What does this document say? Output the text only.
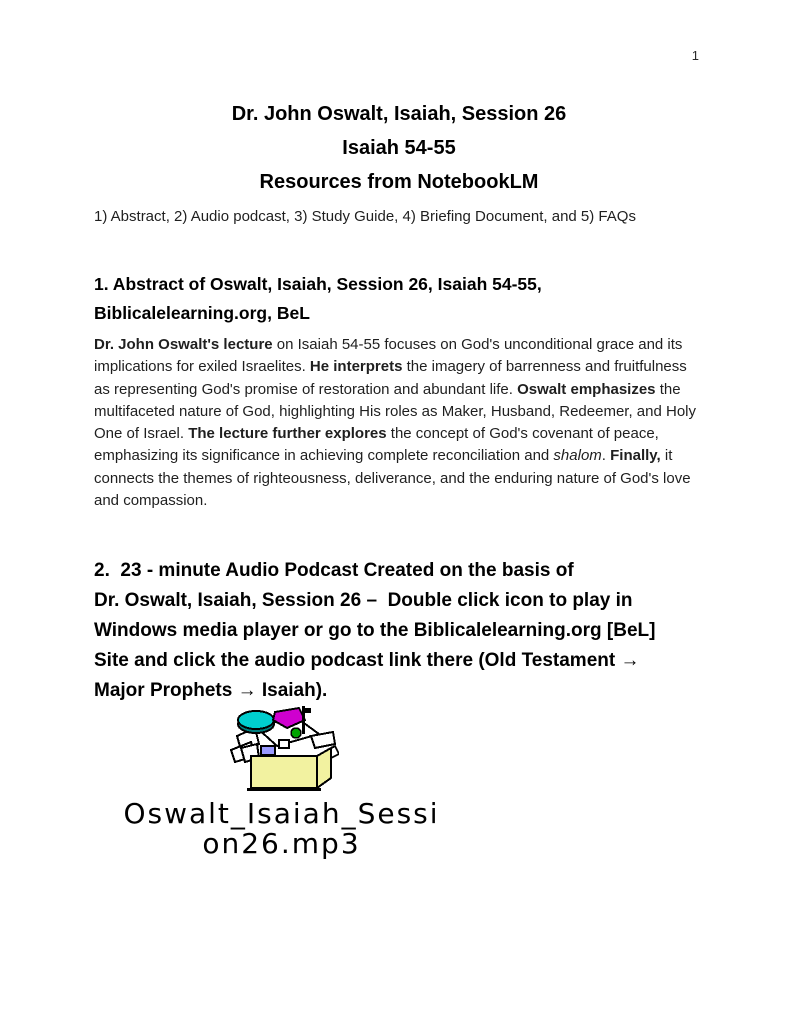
1
Dr. John Oswalt, Isaiah, Session 26
Isaiah 54-55
Resources from NotebookLM

1) Abstract, 2) Audio podcast, 3) Study Guide, 4) Briefing Document, and 5) FAQs

1. Abstract of Oswalt, Isaiah, Session 26, Isaiah 54-55,
Biblicalelearning.org, BeL

Dr. John Oswalt's lecture on Isaiah 54-55 focuses on God's unconditional grace and its implications for exiled Israelites. He interprets the imagery of barrenness and fruitfulness as representing God's promise of restoration and abundant life. Oswalt emphasizes the multifaceted nature of God, highlighting His roles as Maker, Husband, Redeemer, and Holy One of Israel. The lecture further explores the concept of God's covenant of peace, emphasizing its significance in achieving complete reconciliation and shalom. Finally, it connects the themes of righteousness, deliverance, and the enduring nature of God's love and compassion.

2.  23 - minute Audio Podcast Created on the basis of
Dr. Oswalt, Isaiah, Session 26 –  Double click icon to play in
Windows media player or go to the Biblicalelearning.org [BeL]
Site and click the audio podcast link there (Old Testament →
Major Prophets → Isaiah).
Oswalt_Isaiah_Sessi
on26.mp3
